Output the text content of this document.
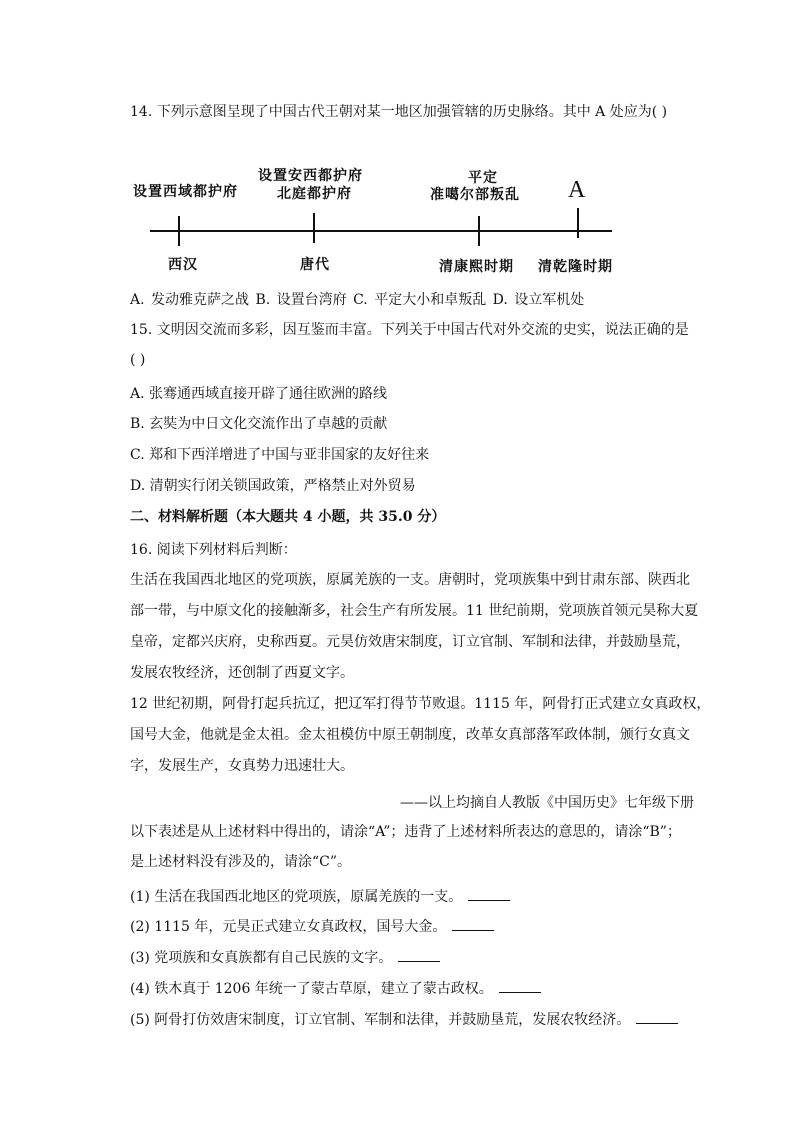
14. 下列示意图呈现了中国古代王朝对某一地区加强管辖的历史脉络。其中 A 处应为( )
设置西域都护府
设置安西都护府
北庭都护府
平定
准噶尔部叛乱 A
西汉	唐代	清康熙时期 清乾隆时期
A. 发动雅克萨之战 B. 设置台湾府 C. 平定大小和卓叛乱 D. 设立军机处
15. 文明因交流而多彩，因互鉴而丰富。下列关于中国古代对外交流的史实，说法正确的是
( )
A. 张骞通西域直接开辟了通往欧洲的路线
B. 玄奘为中日文化交流作出了卓越的贡献
C. 郑和下西洋增进了中国与亚非国家的友好往来
D. 清朝实行闭关锁国政策，严格禁止对外贸易
二、材料解析题（本大题共 4 小题，共 35.0 分）
16. 阅读下列材料后判断：
生活在我国西北地区的党项族，原属羌族的一支。唐朝时，党项族集中到甘肃东部、陕西北
部一带，与中原文化的接触渐多，社会生产有所发展。11 世纪前期，党项族首领元昊称大夏
皇帝，定都兴庆府，史称西夏。元昊仿效唐宋制度，订立官制、军制和法律，并鼓励垦荒，
发展农牧经济，还创制了西夏文字。
12 世纪初期，阿骨打起兵抗辽，把辽军打得节节败退。1115 年，阿骨打正式建立女真政权，
国号大金，他就是金太祖。金太祖模仿中原王朝制度，改革女真部落军政体制，颁行女真文
字，发展生产，女真势力迅速壮大。
——以上均摘自人教版《中国历史》七年级下册
以下表述是从上述材料中得出的，请涂“A”；违背了上述材料所表达的意思的，请涂“B”；
是上述材料没有涉及的，请涂“C”。
(1) 生活在我国西北地区的党项族，原属羌族的一支。
(2) 1115 年，元昊正式建立女真政权，国号大金。
(3) 党项族和女真族都有自己民族的文字。
(4) 铁木真于 1206 年统一了蒙古草原，建立了蒙古政权。
(5) 阿骨打仿效唐宋制度，订立官制、军制和法律，并鼓励垦荒，发展农牧经济。
